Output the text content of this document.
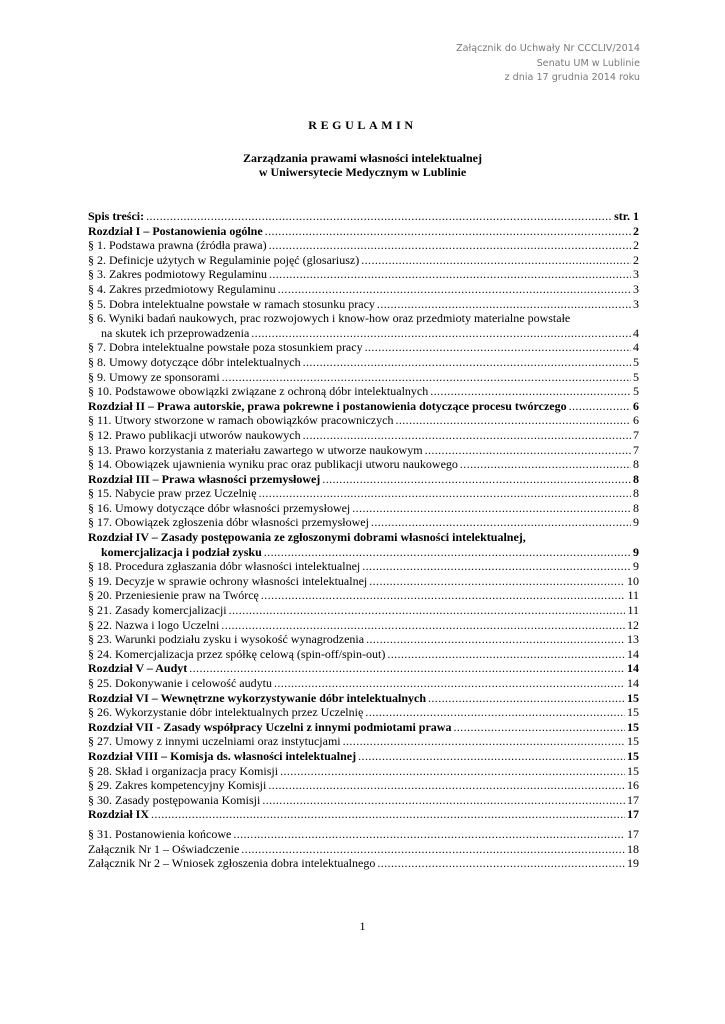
Załącznik do Uchwały Nr CCCLIV/2014
Senatu UM w Lublinie
z dnia 17 grudnia 2014 roku
REGULAMIN
Zarządzania prawami własności intelektualnej
w Uniwersytecie Medycznym w Lublinie
Spis treści: .....	str. 1
Rozdział I – Postanowienia ogólne .....	2
§ 1. Podstawa prawna (źródła prawa) .....	2
§ 2. Definicje użytych w Regulaminie pojęć (glosariusz) .....	2
§ 3. Zakres podmiotowy Regulaminu .....	3
§ 4. Zakres przedmiotowy Regulaminu .....	3
§ 5. Dobra intelektualne powstałe w ramach stosunku pracy .....	3
§ 6. Wyniki badań naukowych, prac rozwojowych i know-how oraz przedmioty materialne powstałe
na skutek ich przeprowadzenia .....	4
§ 7. Dobra intelektualne powstałe poza stosunkiem pracy .....	4
§ 8. Umowy dotyczące dóbr intelektualnych .....	5
§ 9. Umowy ze sponsorami .....	5
§ 10. Podstawowe obowiązki związane z ochroną dóbr intelektualnych .....	5
Rozdział II – Prawa autorskie, prawa pokrewne i postanowienia dotyczące procesu twórczego .....	6
§ 11. Utwory stworzone w ramach obowiązków pracowniczych .....	6
§ 12. Prawo publikacji utworów naukowych .....	7
§ 13. Prawo korzystania z materiału zawartego w utworze naukowym .....	7
§ 14. Obowiązek ujawnienia wyniku prac oraz publikacji utworu naukowego .....	8
Rozdział III – Prawa własności przemysłowej .....	8
§ 15. Nabycie praw przez Uczelnię .....	8
§ 16. Umowy dotyczące dóbr własności przemysłowej .....	8
§ 17. Obowiązek zgłoszenia dóbr własności przemysłowej .....	9
Rozdział IV – Zasady postępowania ze zgłoszonymi dobrami własności intelektualnej,
komercjalizacja i podział zysku .....	9
§ 18. Procedura zgłaszania dóbr własności intelektualnej .....	9
§ 19. Decyzje w sprawie ochrony własności intelektualnej .....	10
§ 20. Przeniesienie praw na Twórcę .....	11
§ 21. Zasady komercjalizacji .....	11
§ 22. Nazwa i logo Uczelni .....	12
§ 23. Warunki podziału zysku i wysokość wynagrodzenia .....	13
§ 24. Komercjalizacja przez spółkę celową (spin-off/spin-out) .....	14
Rozdział V – Audyt .....	14
§ 25. Dokonywanie i celowość audytu .....	14
Rozdział VI – Wewnętrzne wykorzystywanie dóbr intelektualnych .....	15
§ 26. Wykorzystanie dóbr intelektualnych przez Uczelnię .....	15
Rozdział VII - Zasady współpracy Uczelni z innymi podmiotami prawa .....	15
§ 27. Umowy z innymi uczelniami oraz instytucjami .....	15
Rozdział VIII – Komisja ds. własności intelektualnej .....	15
§ 28. Skład i organizacja pracy Komisji .....	15
§ 29. Zakres kompetencyjny Komisji .....	16
§ 30. Zasady postępowania Komisji .....	17
Rozdział IX .....	17
§ 31. Postanowienia końcowe .....	17
Załącznik Nr 1 – Oświadczenie .....	18
Załącznik Nr 2 – Wniosek zgłoszenia dobra intelektualnego .....	19
1
